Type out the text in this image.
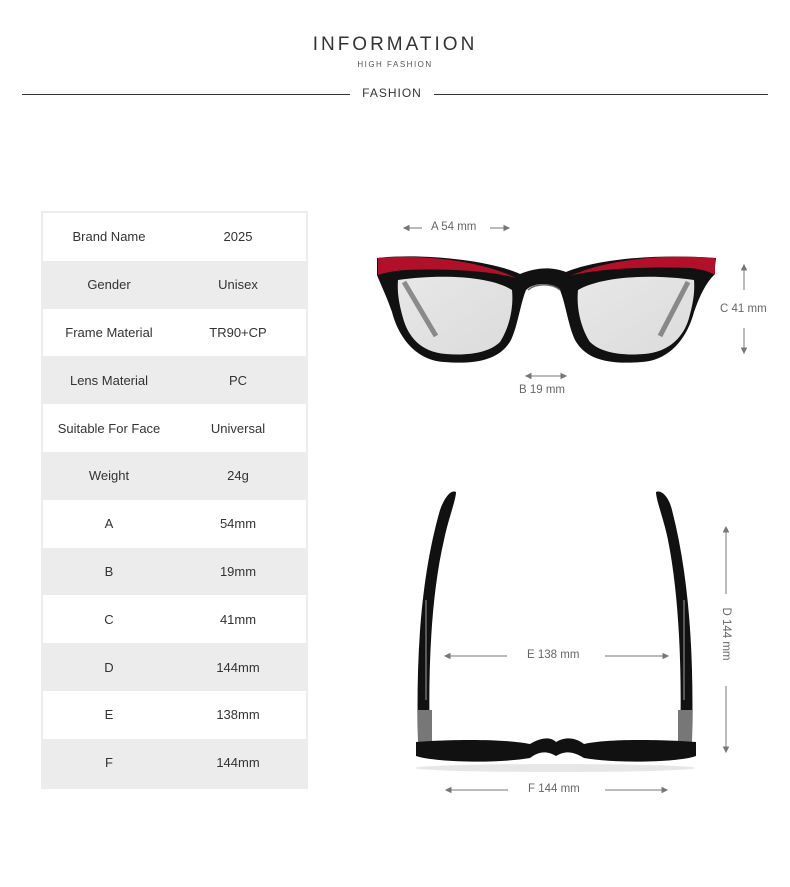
INFORMATION
HIGH FASHION
FASHION
Brand Name	2025
Gender	Unisex
Frame Material	TR90+CP
Lens Material	PC
Suitable For Face	Universal
Weight	24g
A	54mm
B	19mm
C	41mm
D	144mm
E	138mm
F	144mm
A 54 mm
B 19 mm
C 41 mm
D 144 mm
E 138 mm
F 144 mm
